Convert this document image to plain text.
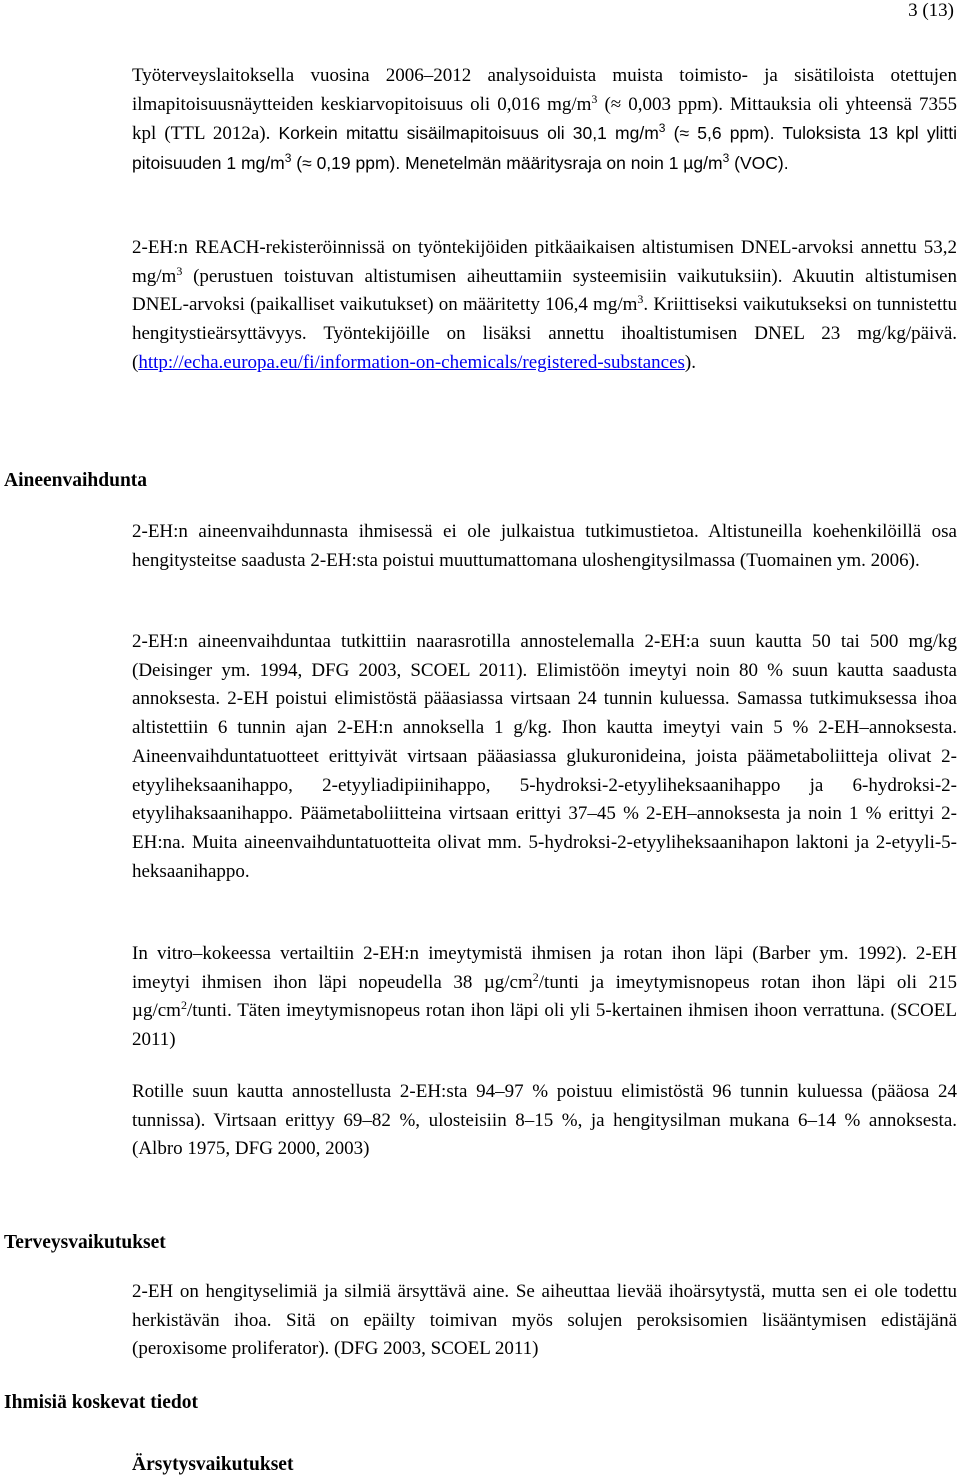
3 (13)

Työterveyslaitoksella vuosina 2006–2012 analysoiduista muista toimisto- ja sisätiloista otettujen ilmapitoisuusnäytteiden keskiarvopitoisuus oli 0,016 $mg/m^3$ (≈ 0,003 ppm). Mittauksia oli yhteensä 7355 kpl (TTL 2012a). Korkein mitattu sisäilmapitoisuus oli 30,1 $mg/m^3$ (≈ 5,6 ppm). Tuloksista 13 kpl ylitti pitoisuuden 1 $mg/m^3$ (≈ 0,19 ppm). Menetelmän määritysraja on noin 1 $\mu g/m^3$ (VOC).

2-EH:n REACH-rekisteröinnissä on työntekijöiden pitkäaikaisen altistumisen DNEL-arvoksi annettu 53,2 $mg/m^3$ (perustuen toistuvan altistumisen aiheuttamiin systeemisiin vaikutuksiin). Akuutin altistumisen DNEL-arvoksi (paikalliset vaikutukset) on määritetty 106,4 $mg/m^3$. Kriittiseksi vaikutukseksi on tunnistettu hengitystieärsyttävyys. Työntekijöille on lisäksi annettu ihoaltistumisen DNEL 23 mg/kg/päivä. (http://echa.europa.eu/fi/information-on-chemicals/registered-substances).

Aineenvaihdunta

2-EH:n aineenvaihdunnasta ihmisessä ei ole julkaistua tutkimustietoa. Altistuneilla koehenkilöillä osa hengitysteitse saadusta 2-EH:sta poistui muuttumattomana uloshengitysilmassa (Tuomainen ym. 2006).

2-EH:n aineenvaihduntaa tutkittiin naarasrotilla annostelemalla 2-EH:a suun kautta 50 tai 500 mg/kg (Deisinger ym. 1994, DFG 2003, SCOEL 2011). Elimistöön imeytyi noin 80 % suun kautta saadusta annoksesta. 2-EH poistui elimistöstä pääasiassa virtsaan 24 tunnin kuluessa. Samassa tutkimuksessa ihoa altistettiin 6 tunnin ajan 2-EH:n annoksella 1 g/kg. Ihon kautta imeytyi vain 5 % 2-EH–annoksesta. Aineenvaihduntatuotteet erittyivät virtsaan pääasiassa glukuronideina, joista päämetaboliitteja olivat 2-etyyliheksaanihappo, 2-etyyliadipiinihappo, 5-hydroksi-2-etyyliheksaanihappo ja 6-hydroksi-2-etyylihaksaanihappo. Päämetaboliitteina virtsaan erittyi 37–45 % 2-EH–annoksesta ja noin 1 % erittyi 2-EH:na. Muita aineenvaihduntatuotteita olivat mm. 5-hydroksi-2-etyyliheksaanihapon laktoni ja 2-etyyli-5-heksaanihappo.

In vitro–kokeessa vertailtiin 2-EH:n imeytymistä ihmisen ja rotan ihon läpi (Barber ym. 1992). 2-EH imeytyi ihmisen ihon läpi nopeudella 38 $\mu g/cm^2$/tunti ja imeytymisnopeus rotan ihon läpi oli 215 $\mu g/cm^2$/tunti. Täten imeytymisnopeus rotan ihon läpi oli yli 5-kertainen ihmisen ihoon verrattuna. (SCOEL 2011)

Rotille suun kautta annostellusta 2-EH:sta 94–97 % poistuu elimistöstä 96 tunnin kuluessa (pääosa 24 tunnissa). Virtsaan erittyy 69–82 %, ulosteisiin 8–15 %, ja hengitysilman mukana 6–14 % annoksesta. (Albro 1975, DFG 2000, 2003)

Terveysvaikutukset

2-EH on hengityselimiä ja silmiä ärsyttävä aine. Se aiheuttaa lievää ihoärsytystä, mutta sen ei ole todettu herkistävän ihoa. Sitä on epäilty toimivan myös solujen peroksisomien lisääntymisen edistäjänä (peroxisome proliferator). (DFG 2003, SCOEL 2011)

Ihmisiä koskevat tiedot
Ärsytysvaikutukset
